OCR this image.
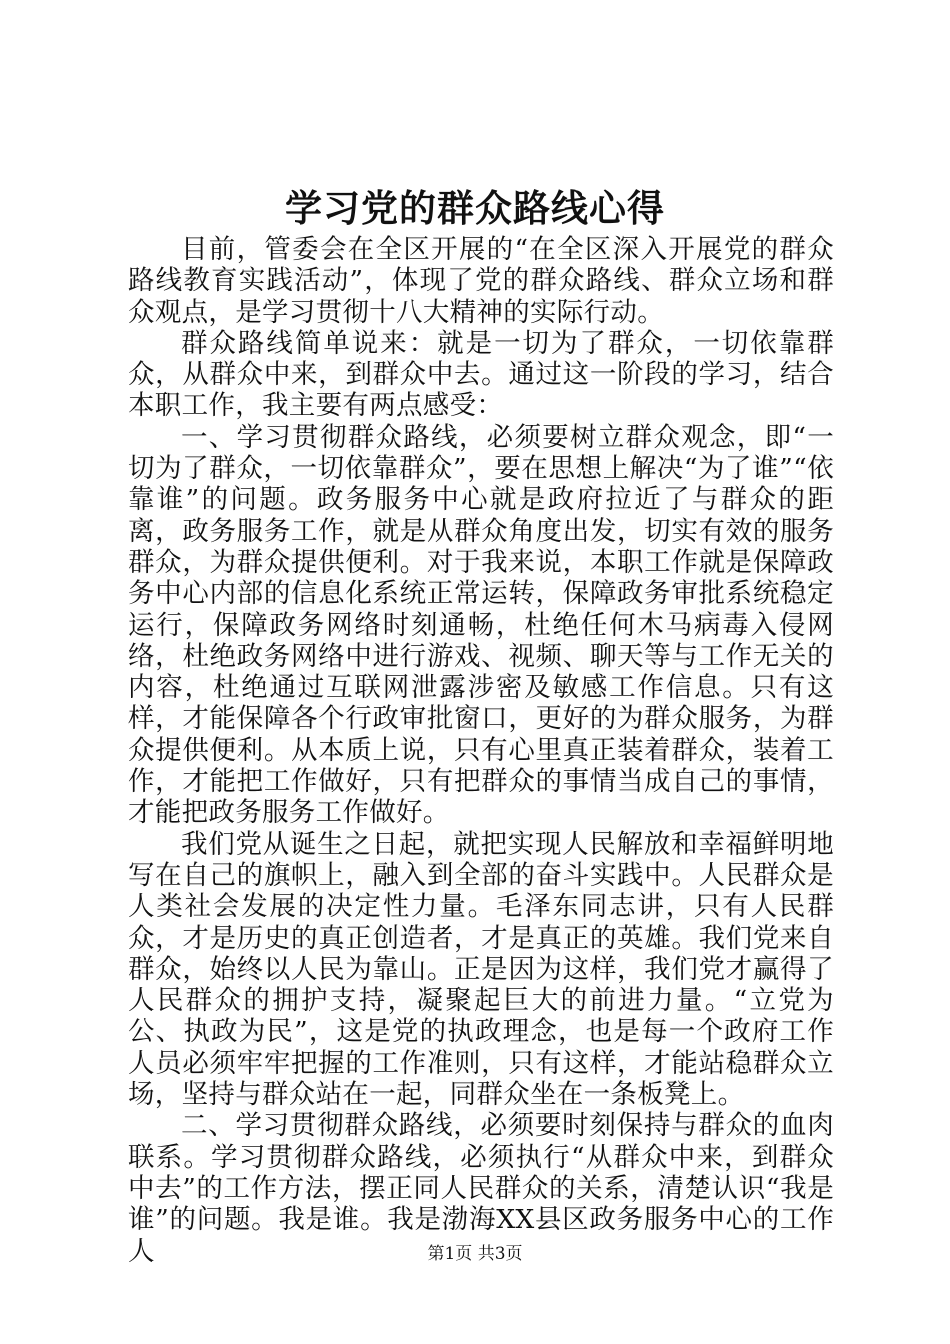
学习党的群众路线心得

目前，管委会在全区开展的“在全区深入开展党的群众路线教育实践活动”，体现了党的群众路线、群众立场和群众观点，是学习贯彻十八大精神的实际行动。

群众路线简单说来：就是一切为了群众，一切依靠群众，从群众中来，到群众中去。通过这一阶段的学习，结合本职工作，我主要有两点感受：

一、学习贯彻群众路线，必须要树立群众观念，即“一切为了群众，一切依靠群众”，要在思想上解决“为了谁”“依靠谁”的问题。政务服务中心就是政府拉近了与群众的距离，政务服务工作，就是从群众角度出发，切实有效的服务群众，为群众提供便利。对于我来说，本职工作就是保障政务中心内部的信息化系统正常运转，保障政务审批系统稳定运行，保障政务网络时刻通畅，杜绝任何木马病毒入侵网络，杜绝政务网络中进行游戏、视频、聊天等与工作无关的内容，杜绝通过互联网泄露涉密及敏感工作信息。只有这样，才能保障各个行政审批窗口，更好的为群众服务，为群众提供便利。从本质上说，只有心里真正装着群众，装着工作，才能把工作做好，只有把群众的事情当成自己的事情，才能把政务服务工作做好。

我们党从诞生之日起，就把实现人民解放和幸福鲜明地写在自己的旗帜上，融入到全部的奋斗实践中。人民群众是人类社会发展的决定性力量。毛泽东同志讲，只有人民群众，才是历史的真正创造者，才是真正的英雄。我们党来自群众，始终以人民为靠山。正是因为这样，我们党才赢得了人民群众的拥护支持，凝聚起巨大的前进力量。“立党为公、执政为民”，这是党的执政理念，也是每一个政府工作人员必须牢牢把握的工作准则，只有这样，才能站稳群众立场，坚持与群众站在一起，同群众坐在一条板凳上。

二、学习贯彻群众路线，必须要时刻保持与群众的血肉联系。学习贯彻群众路线，必须执行“从群众中来，到群众中去”的工作方法，摆正同人民群众的关系，清楚认识“我是谁”的问题。我是谁。我是渤海XX县区政务服务中心的工作人	第1页 共3页
